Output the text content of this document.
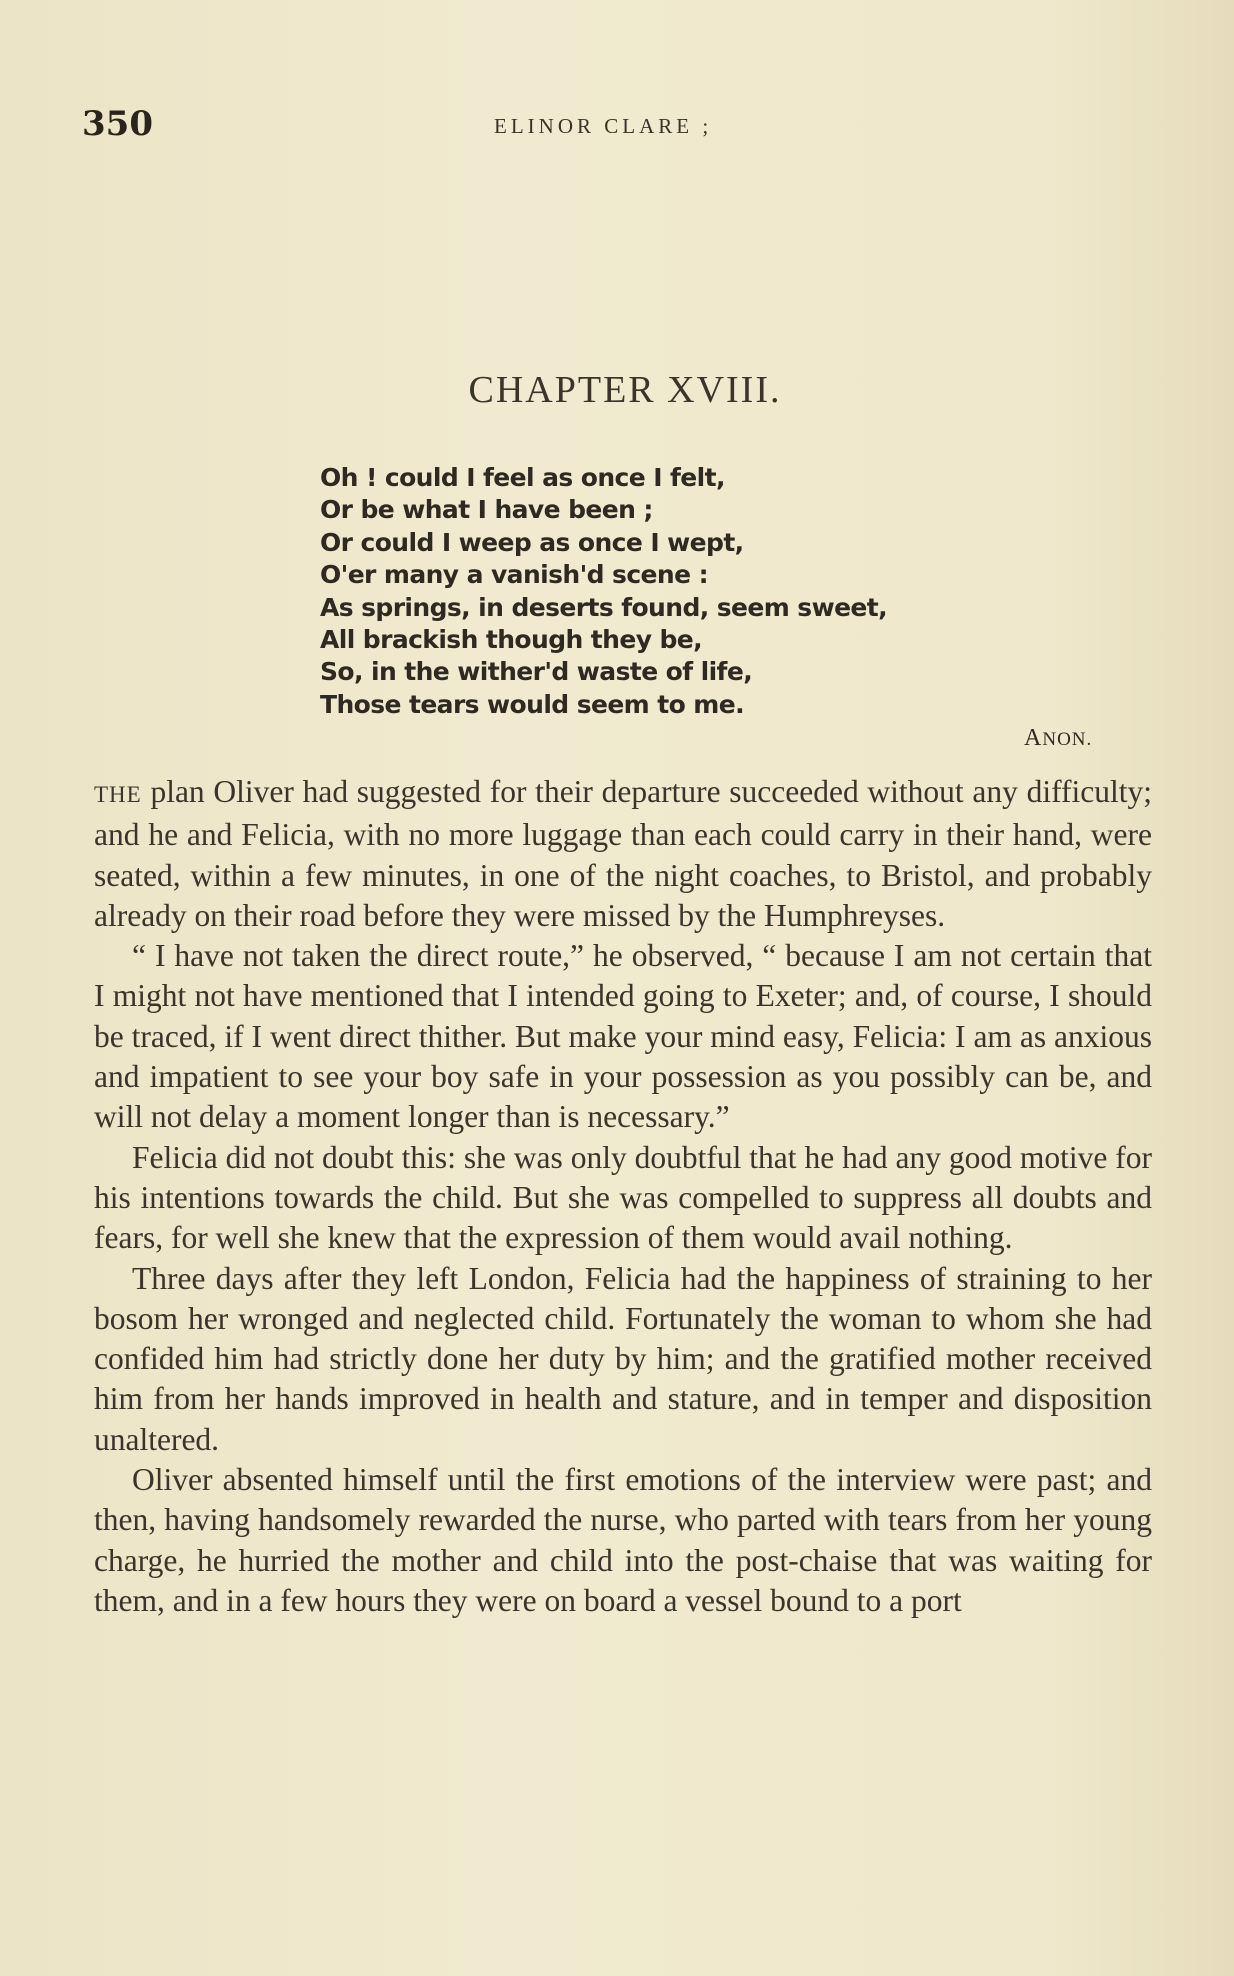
350	ELINOR CLARE ;
CHAPTER XVIII.
Oh ! could I feel as once I felt,
Or be what I have been ;
Or could I weep as once I wept,
O'er many a vanish'd scene :
As springs, in deserts found, seem sweet,
All brackish though they be,
So, in the wither'd waste of life,
Those tears would seem to me.
ANON.

THE plan Oliver had suggested for their departure succeeded without any difficulty; and he and Felicia, with no more luggage than each could carry in their hand, were seated, within a few minutes, in one of the night coaches, to Bristol, and probably already on their road before they were missed by the Humphreyses.

“ I have not taken the direct route,” he observed, “ because I am not certain that I might not have mentioned that I intended going to Exeter; and, of course, I should be traced, if I went direct thither. But make your mind easy, Felicia: I am as anxious and impatient to see your boy safe in your possession as you possibly can be, and will not delay a moment longer than is necessary.”

Felicia did not doubt this: she was only doubtful that he had any good motive for his intentions towards the child. But she was compelled to suppress all doubts and fears, for well she knew that the expression of them would avail nothing.

Three days after they left London, Felicia had the happiness of straining to her bosom her wronged and neglected child. Fortunately the woman to whom she had confided him had strictly done her duty by him; and the gratified mother received him from her hands improved in health and stature, and in temper and disposition unaltered.

Oliver absented himself until the first emotions of the interview were past; and then, having handsomely rewarded the nurse, who parted with tears from her young charge, he hurried the mother and child into the post-chaise that was waiting for them, and in a few hours they were on board a vessel bound to a port
